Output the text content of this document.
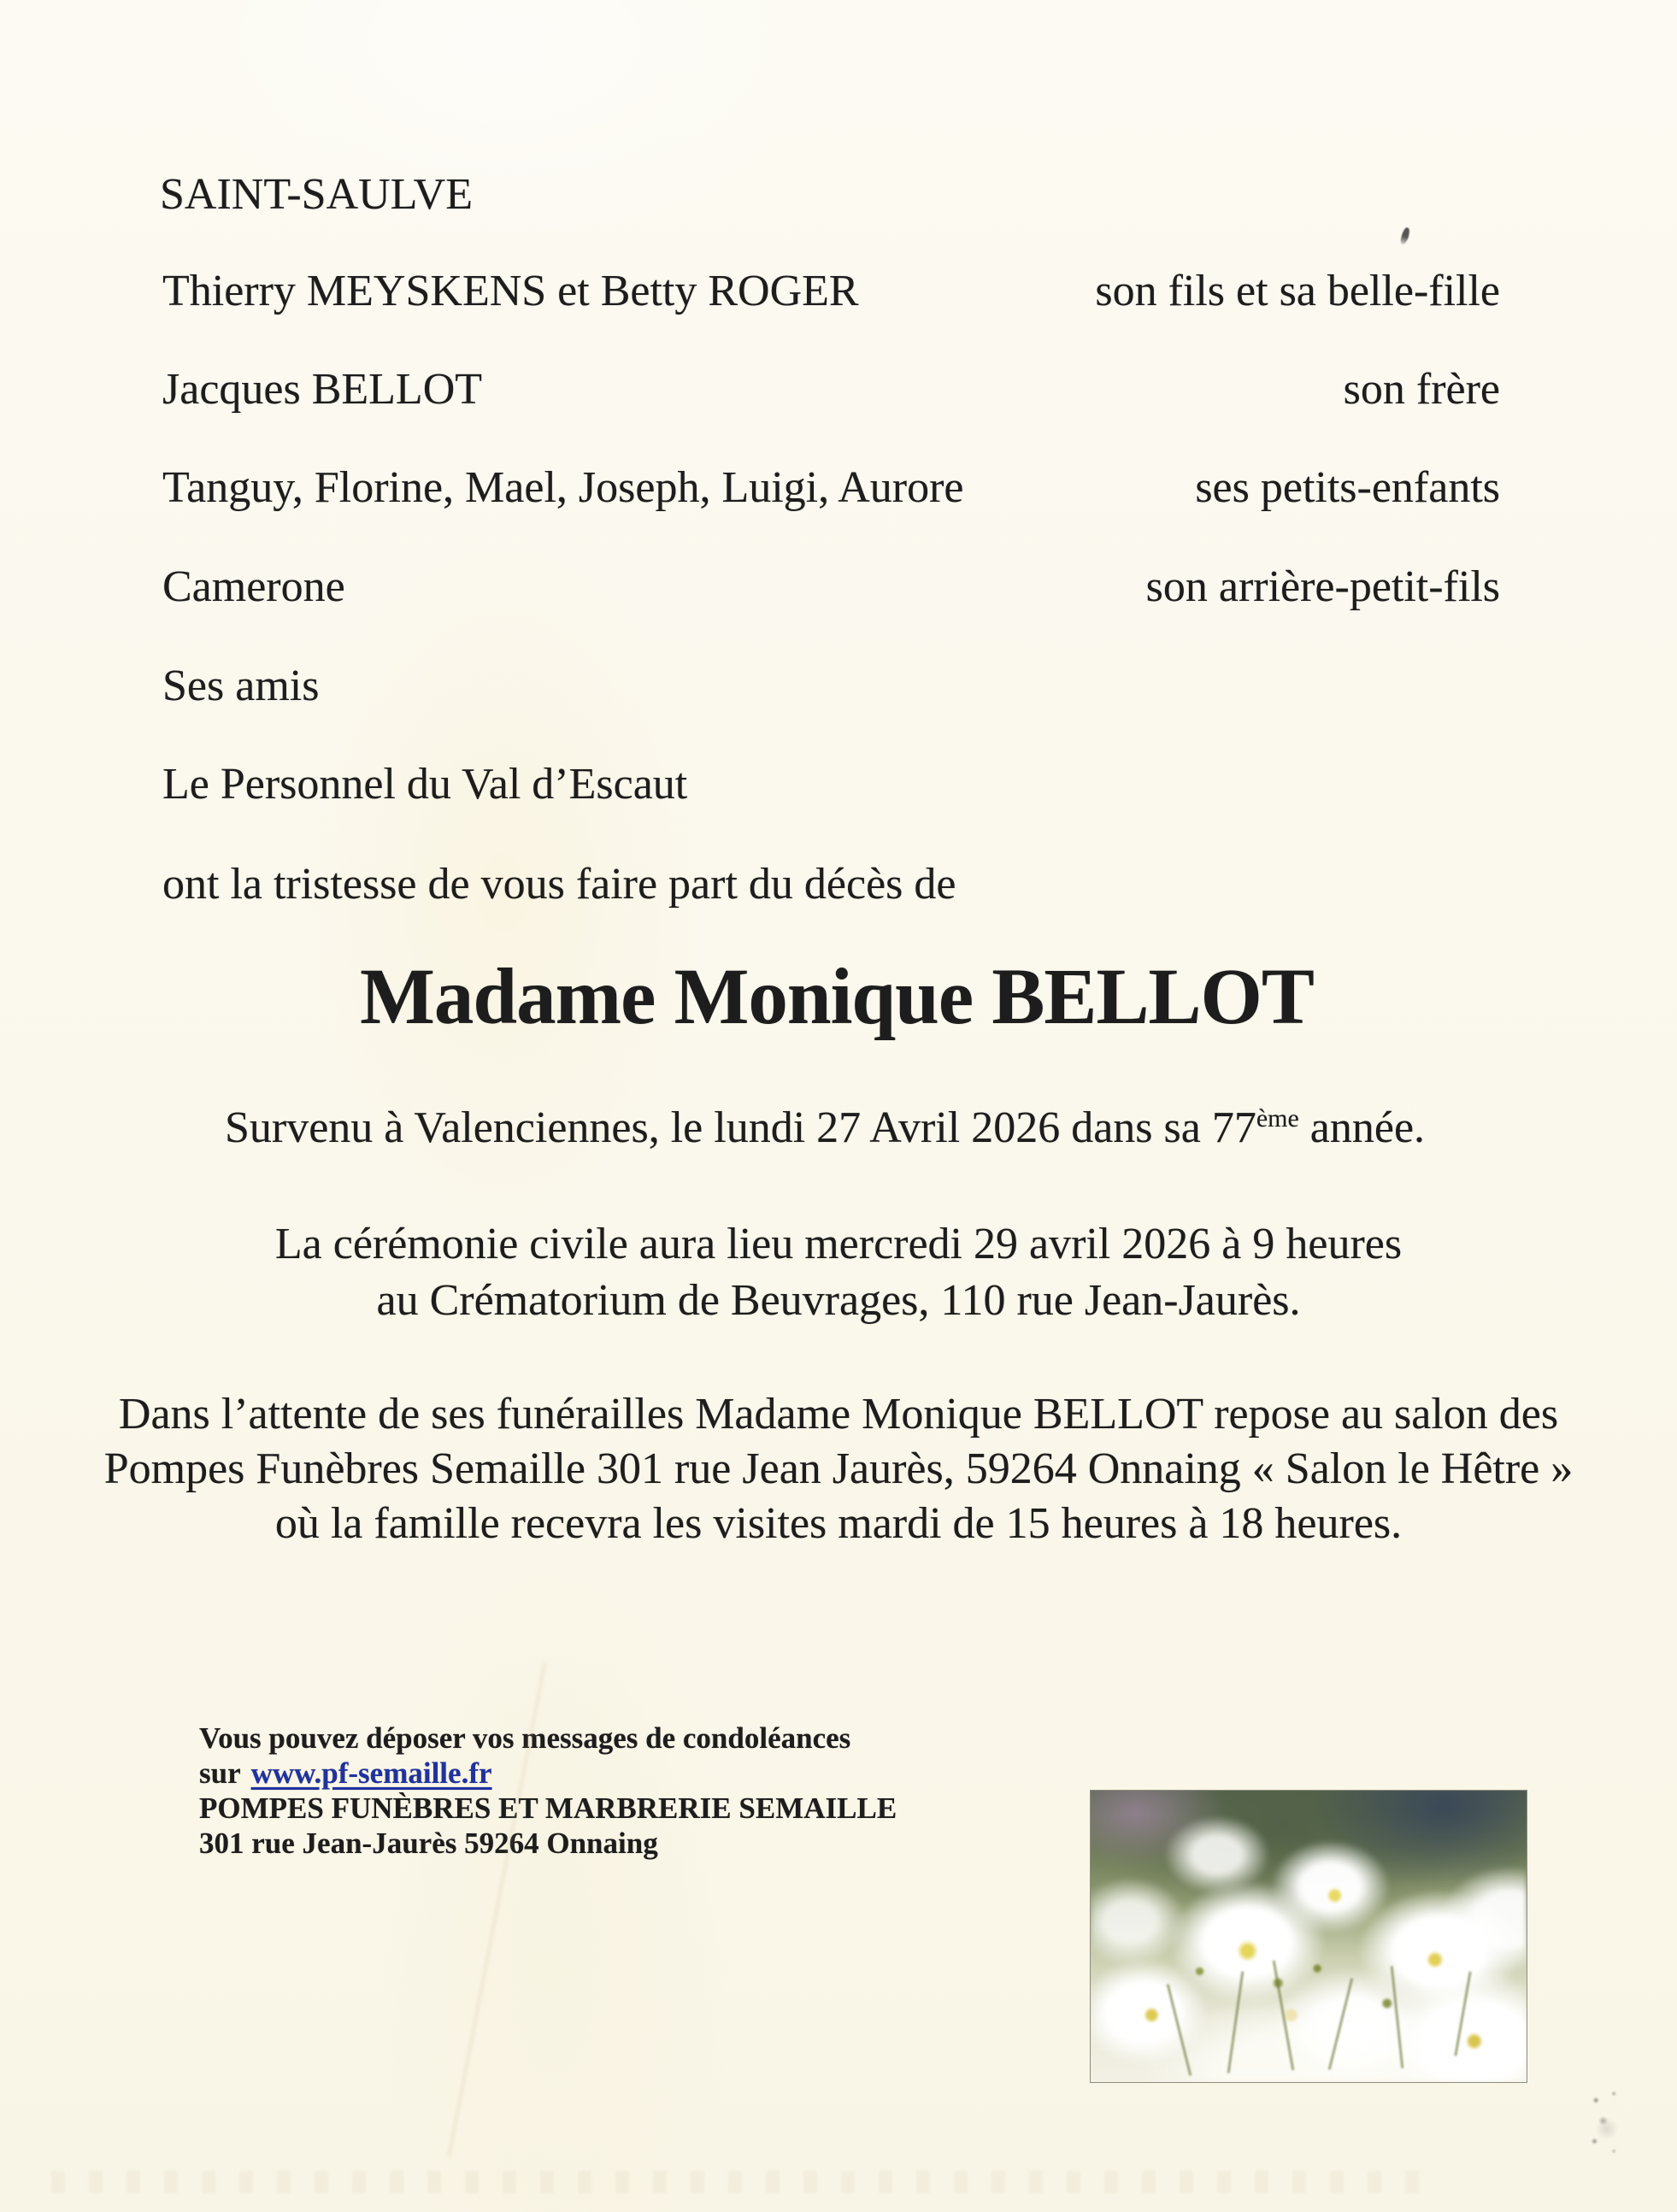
SAINT-SAULVE
Thierry MEYSKENS et Betty ROGER	son fils et sa belle-fille
Jacques BELLOT	son frère
Tanguy, Florine, Mael, Joseph, Luigi, Aurore	ses petits-enfants
Camerone	son arrière-petit-fils
Ses amis
Le Personnel du Val d’Escaut
ont la tristesse de vous faire part du décès de
Madame Monique BELLOT
Survenu à Valenciennes, le lundi 27 Avril 2026 dans sa 77ème année.
La cérémonie civile aura lieu mercredi 29 avril 2026 à 9 heures
au Crématorium de Beuvrages, 110 rue Jean-Jaurès.
Dans l’attente de ses funérailles Madame Monique BELLOT repose au salon des
Pompes Funèbres Semaille 301 rue Jean Jaurès, 59264 Onnaing « Salon le Hêtre »
où la famille recevra les visites mardi de 15 heures à 18 heures.
Vous pouvez déposer vos messages de condoléances
sur www.pf-semaille.fr
POMPES FUNÈBRES ET MARBRERIE SEMAILLE
301 rue Jean-Jaurès 59264 Onnaing
